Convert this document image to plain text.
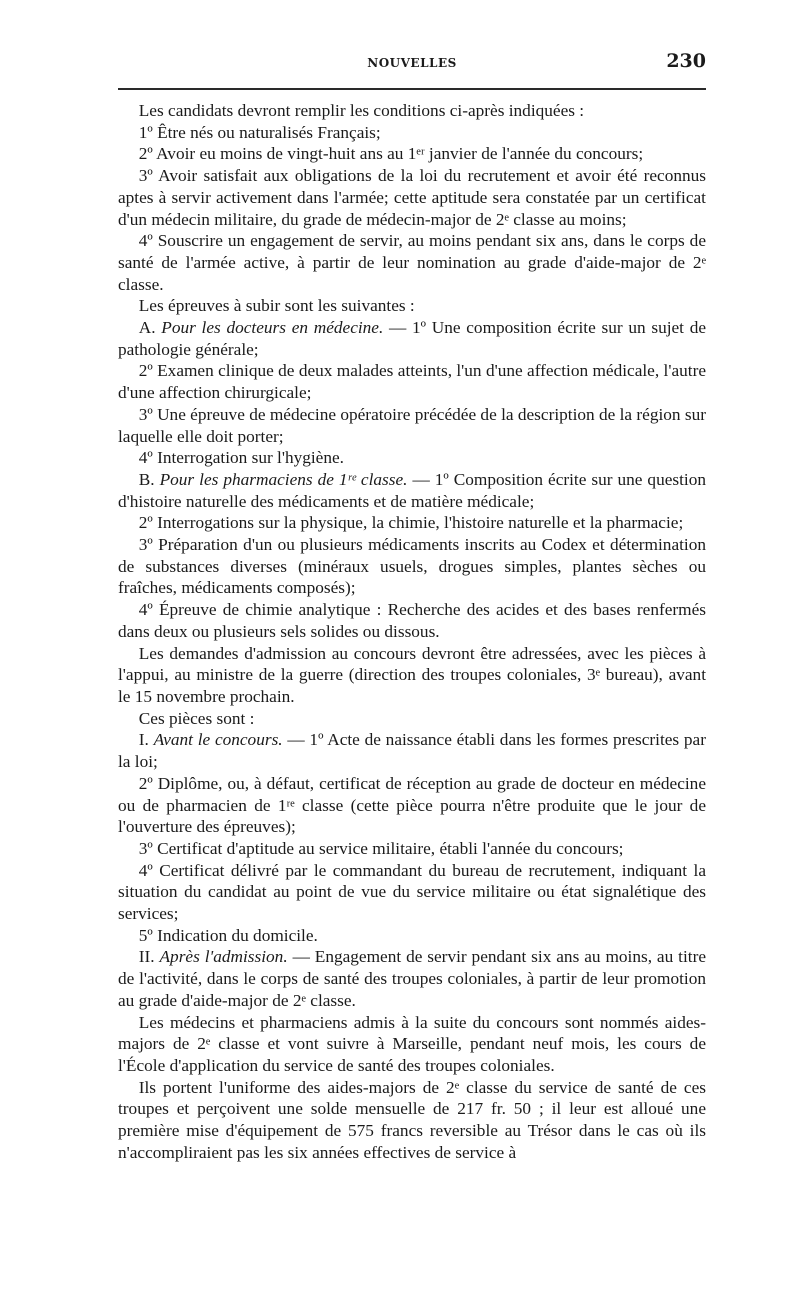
NOUVELLES	230

Les candidats devront remplir les conditions ci-après indiquées :

1º Être nés ou naturalisés Français;

2º Avoir eu moins de vingt-huit ans au 1ᵉʳ janvier de l'année du concours;

3º Avoir satisfait aux obligations de la loi du recrutement et avoir été reconnus aptes à servir activement dans l'armée; cette aptitude sera constatée par un certificat d'un médecin militaire, du grade de médecin-major de 2ᵉ classe au moins;

4º Souscrire un engagement de servir, au moins pendant six ans, dans le corps de santé de l'armée active, à partir de leur nomination au grade d'aide-major de 2ᵉ classe.

Les épreuves à subir sont les suivantes :

A. Pour les docteurs en médecine. — 1º Une composition écrite sur un sujet de pathologie générale;

2º Examen clinique de deux malades atteints, l'un d'une affection médicale, l'autre d'une affection chirurgicale;

3º Une épreuve de médecine opératoire précédée de la description de la région sur laquelle elle doit porter;

4º Interrogation sur l'hygiène.

B. Pour les pharmaciens de 1ʳᵉ classe. — 1º Composition écrite sur une question d'histoire naturelle des médicaments et de matière médicale;

2º Interrogations sur la physique, la chimie, l'histoire naturelle et la pharmacie;

3º Préparation d'un ou plusieurs médicaments inscrits au Codex et détermination de substances diverses (minéraux usuels, drogues simples, plantes sèches ou fraîches, médicaments composés);

4º Épreuve de chimie analytique : Recherche des acides et des bases renfermés dans deux ou plusieurs sels solides ou dissous.

Les demandes d'admission au concours devront être adressées, avec les pièces à l'appui, au ministre de la guerre (direction des troupes coloniales, 3ᵉ bureau), avant le 15 novembre prochain.

Ces pièces sont :

I. Avant le concours. — 1º Acte de naissance établi dans les formes prescrites par la loi;

2º Diplôme, ou, à défaut, certificat de réception au grade de docteur en médecine ou de pharmacien de 1ʳᵉ classe (cette pièce pourra n'être produite que le jour de l'ouverture des épreuves);

3º Certificat d'aptitude au service militaire, établi l'année du concours;

4º Certificat délivré par le commandant du bureau de recrutement, indiquant la situation du candidat au point de vue du service militaire ou état signalétique des services;

5º Indication du domicile.

II. Après l'admission. — Engagement de servir pendant six ans au moins, au titre de l'activité, dans le corps de santé des troupes coloniales, à partir de leur promotion au grade d'aide-major de 2ᵉ classe.

Les médecins et pharmaciens admis à la suite du concours sont nommés aides-majors de 2ᵉ classe et vont suivre à Marseille, pendant neuf mois, les cours de l'École d'application du service de santé des troupes coloniales.

Ils portent l'uniforme des aides-majors de 2ᵉ classe du service de santé de ces troupes et perçoivent une solde mensuelle de 217 fr. 50 ; il leur est alloué une première mise d'équipement de 575 francs reversible au Trésor dans le cas où ils n'accompliraient pas les six années effectives de service à
